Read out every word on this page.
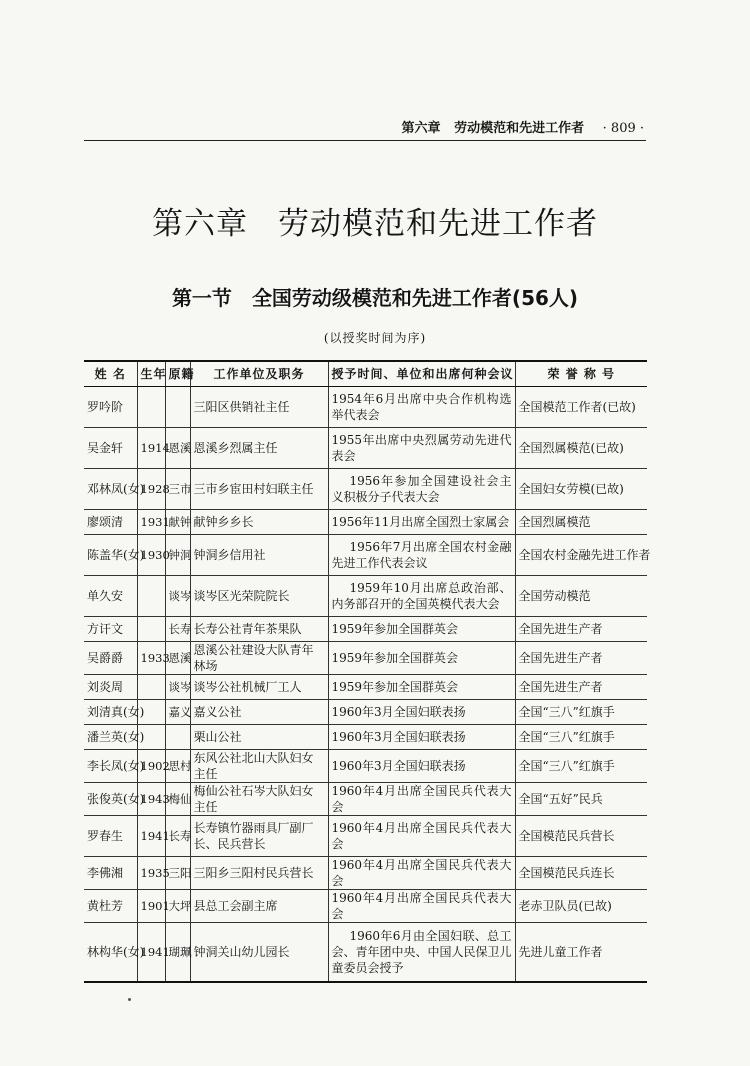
第六章 劳动模范和先进工作者 · 809 ·
第六章 劳动模范和先进工作者
第一节 全国劳动级模范和先进工作者(56人)
(以授奖时间为序)
姓 名	生年	原籍	工作单位及职务	授予时间、单位和出席何种会议	荣 誉 称 号
罗吟阶			三阳区供销社主任	1954年6月出席中央合作机构选举代表会	全国模范工作者(已故)
吴金轩	1914	恩溪	恩溪乡烈属主任	1955年出席中央烈属劳动先进代表会	全国烈属模范(已故)
邓林凤(女)	1928	三市	三市乡宦田村妇联主任	1956年参加全国建设社会主义积极分子代表大会	全国妇女劳模(已故)
廖颂清	1931	献钟	献钟乡乡长	1956年11月出席全国烈士家属会	全国烈属模范
陈盖华(女)	1930	钟洞	钟洞乡信用社	1956年7月出席全国农村金融先进工作代表会议	全国农村金融先进工作者
单久安		谈岑	谈岑区光荣院院长	1959年10月出席总政治部、内务部召开的全国英模代表大会	全国劳动模范
方讦文		长寿	长寿公社青年茶果队	1959年参加全国群英会	全国先进生产者
吴爵爵	1933	恩溪	恩溪公社建设大队青年林场	1959年参加全国群英会	全国先进生产者
刘炎周		谈岑	谈岑公社机械厂工人	1959年参加全国群英会	全国先进生产者
刘清真(女)		嘉义	嘉义公社	1960年3月全国妇联表扬	全国“三八”红旗手
潘兰英(女)			栗山公社	1960年3月全国妇联表扬	全国“三八”红旗手
李长凤(女)	1902	思村	东风公社北山大队妇女主任	1960年3月全国妇联表扬	全国“三八”红旗手
张俊英(女)	1943	梅仙	梅仙公社石岑大队妇女主任	1960年4月出席全国民兵代表大会	全国“五好”民兵
罗春生	1941	长寿	长寿镇竹器雨具厂副厂长、民兵营长	1960年4月出席全国民兵代表大会	全国模范民兵营长
李佛湘	1935	三阳	三阳乡三阳村民兵营长	1960年4月出席全国民兵代表大会	全国模范民兵连长
黄杜芳	1901	大坪	县总工会副主席	1960年4月出席全国民兵代表大会	老赤卫队员(已故)
林构华(女)	1941	瑚珮	钟洞关山幼儿园长	1960年6月由全国妇联、总工会、青年团中央、中国人民保卫儿童委员会授予	先进儿童工作者
